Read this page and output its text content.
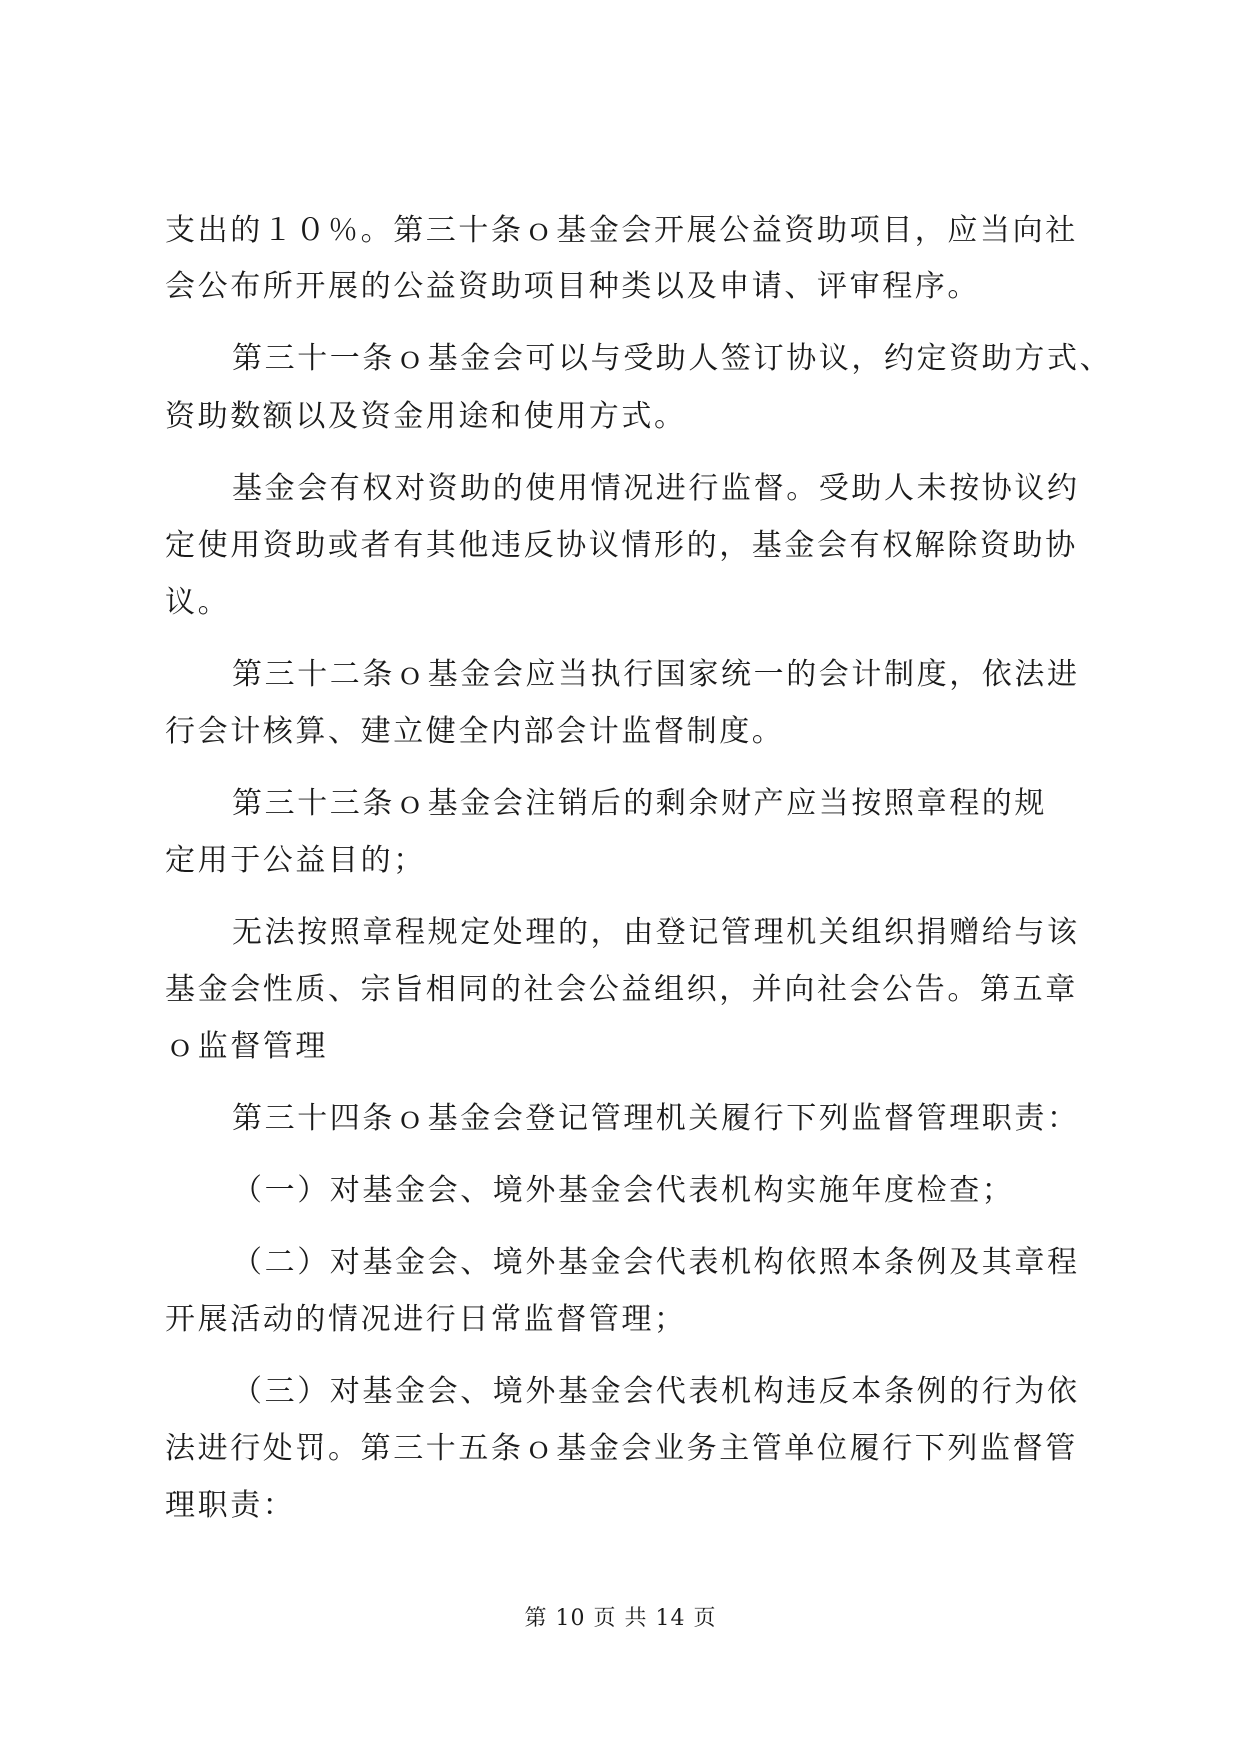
支出的１０％。第三十条ｏ基金会开展公益资助项目，应当向社
会公布所开展的公益资助项目种类以及申请、评审程序。
第三十一条ｏ基金会可以与受助人签订协议，约定资助方式、
资助数额以及资金用途和使用方式。
基金会有权对资助的使用情况进行监督。受助人未按协议约
定使用资助或者有其他违反协议情形的，基金会有权解除资助协
议。
第三十二条ｏ基金会应当执行国家统一的会计制度，依法进
行会计核算、建立健全内部会计监督制度。
第三十三条ｏ基金会注销后的剩余财产应当按照章程的规
定用于公益目的；
无法按照章程规定处理的，由登记管理机关组织捐赠给与该
基金会性质、宗旨相同的社会公益组织，并向社会公告。第五章
ｏ监督管理
第三十四条ｏ基金会登记管理机关履行下列监督管理职责：
（一）对基金会、境外基金会代表机构实施年度检查；
（二）对基金会、境外基金会代表机构依照本条例及其章程
开展活动的情况进行日常监督管理；
（三）对基金会、境外基金会代表机构违反本条例的行为依
法进行处罚。第三十五条ｏ基金会业务主管单位履行下列监督管
理职责：
第 10 页 共 14 页
